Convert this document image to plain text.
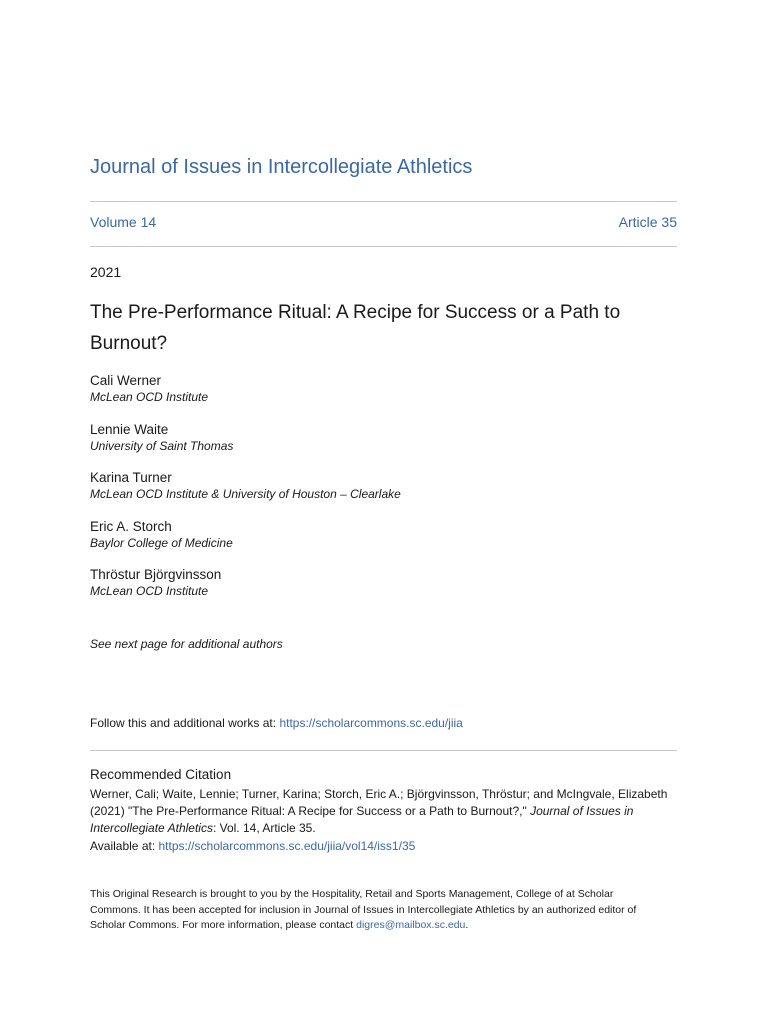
Journal of Issues in Intercollegiate Athletics
Volume 14	Article 35
2021
The Pre-Performance Ritual: A Recipe for Success or a Path to Burnout?
Cali Werner
McLean OCD Institute
Lennie Waite
University of Saint Thomas
Karina Turner
McLean OCD Institute & University of Houston – Clearlake
Eric A. Storch
Baylor College of Medicine
Thröstur Björgvinsson
McLean OCD Institute
See next page for additional authors
Follow this and additional works at: https://scholarcommons.sc.edu/jiia
Recommended Citation
Werner, Cali; Waite, Lennie; Turner, Karina; Storch, Eric A.; Björgvinsson, Thröstur; and McIngvale, Elizabeth (2021) "The Pre-Performance Ritual: A Recipe for Success or a Path to Burnout?," Journal of Issues in Intercollegiate Athletics: Vol. 14, Article 35.
Available at: https://scholarcommons.sc.edu/jiia/vol14/iss1/35
This Original Research is brought to you by the Hospitality, Retail and Sports Management, College of at Scholar Commons. It has been accepted for inclusion in Journal of Issues in Intercollegiate Athletics by an authorized editor of Scholar Commons. For more information, please contact digres@mailbox.sc.edu.
